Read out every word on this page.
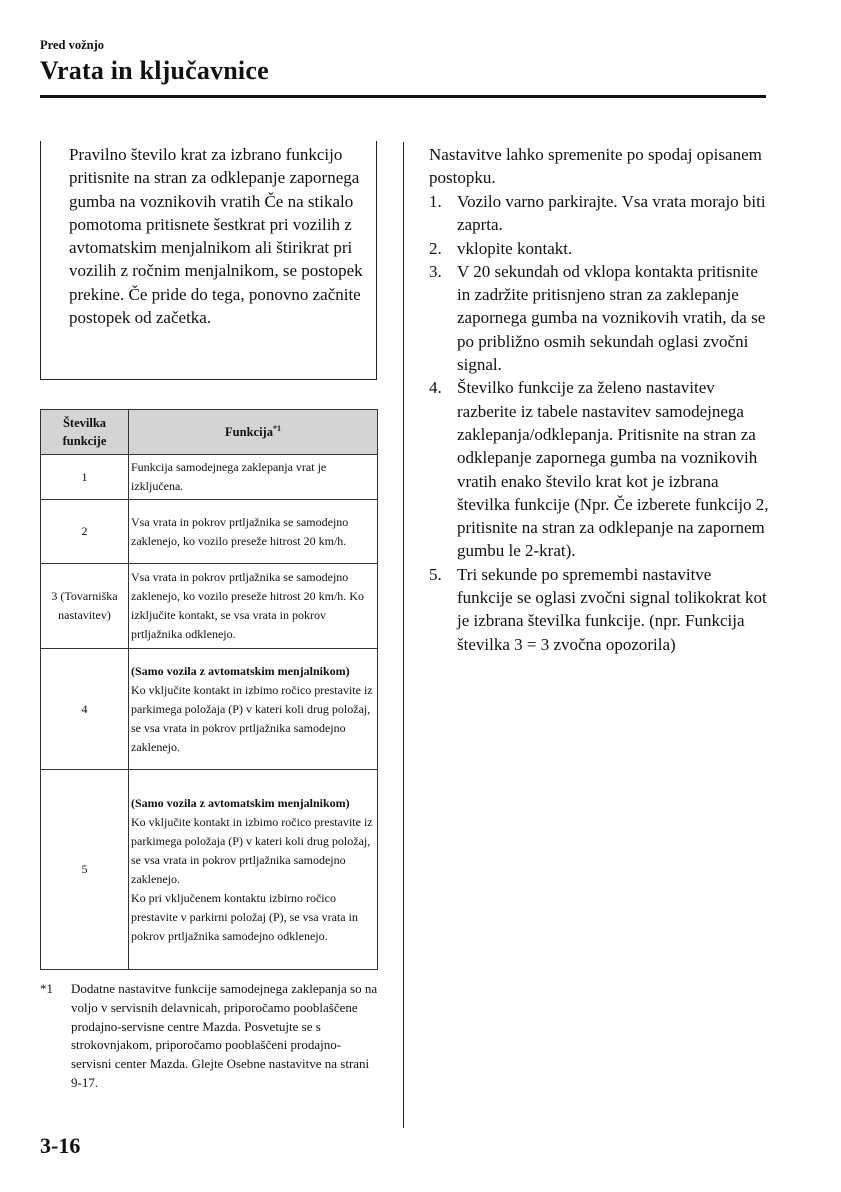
Pred vožnjo
Vrata in ključavnice
Pravilno število krat za izbrano funkcijo pritisnite na stran za odklepanje zapornega gumba na voznikovih vratih Če na stikalo pomotoma pritisnete šestkrat pri vozilih z avtomatskim menjalnikom ali štirikrat pri vozilih z ročnim menjalnikom, se postopek prekine. Če pride do tega, ponovno začnite postopek od začetka.
Številka funkcije	Funkcija$^{*1}$
1	Funkcija samodejnega zaklepanja vrat je izključena.

2	Vsa vrata in pokrov prtljažnika se samodejno zaklenejo, ko vozilo preseže hitrost 20 km/h.

3 (Tovarniška nastavitev)	Vsa vrata in pokrov prtljažnika se samodejno zaklenejo, ko vozilo preseže hitrost 20 km/h. Ko izključite kontakt, se vsa vrata in pokrov prtljažnika odklenejo.

4	(Samo vozila z avtomatskim menjalnikom)
Ko vključite kontakt in izbimo ročico prestavite iz parkimega položaja (P) v kateri koli drug položaj, se vsa vrata in pokrov prtljažnika samodejno zaklenejo.

5	(Samo vozila z avtomatskim menjalnikom)
Ko vključite kontakt in izbimo ročico prestavite iz parkimega položaja (P) v kateri koli drug položaj, se vsa vrata in pokrov prtljažnika samodejno zaklenejo.
Ko pri vključenem kontaktu izbirno ročico prestavite v parkirni položaj (P), se vsa vrata in pokrov prtljažnika samodejno odklenejo.
*1	Dodatne nastavitve funkcije samodejnega zaklepanja so na voljo v servisnih delavnicah, priporočamo pooblaščene prodajno-servisne centre Mazda. Posvetujte se s strokovnjakom, priporočamo pooblaščeni prodajno-servisni center Mazda. Glejte Osebne nastavitve na strani 9-17.
Nastavitve lahko spremenite po spodaj opisanem postopku.
1. Vozilo varno parkirajte. Vsa vrata morajo biti zaprta.
2. vklopite kontakt.
3. V 20 sekundah od vklopa kontakta pritisnite in zadržite pritisnjeno stran za zaklepanje zapornega gumba na voznikovih vratih, da se po približno osmih sekundah oglasi zvočni signal.
4. Številko funkcije za želeno nastavitev razberite iz tabele nastavitev samodejnega zaklepanja/odklepanja. Pritisnite na stran za odklepanje zapornega gumba na voznikovih vratih enako število krat kot je izbrana številka funkcije (Npr. Če izberete funkcijo 2, pritisnite na stran za odklepanje na zapornem gumbu le 2-krat).
5. Tri sekunde po spremembi nastavitve funkcije se oglasi zvočni signal tolikokrat kot je izbrana številka funkcije. (npr. Funkcija številka 3 = 3 zvočna opozorila)
3-16
